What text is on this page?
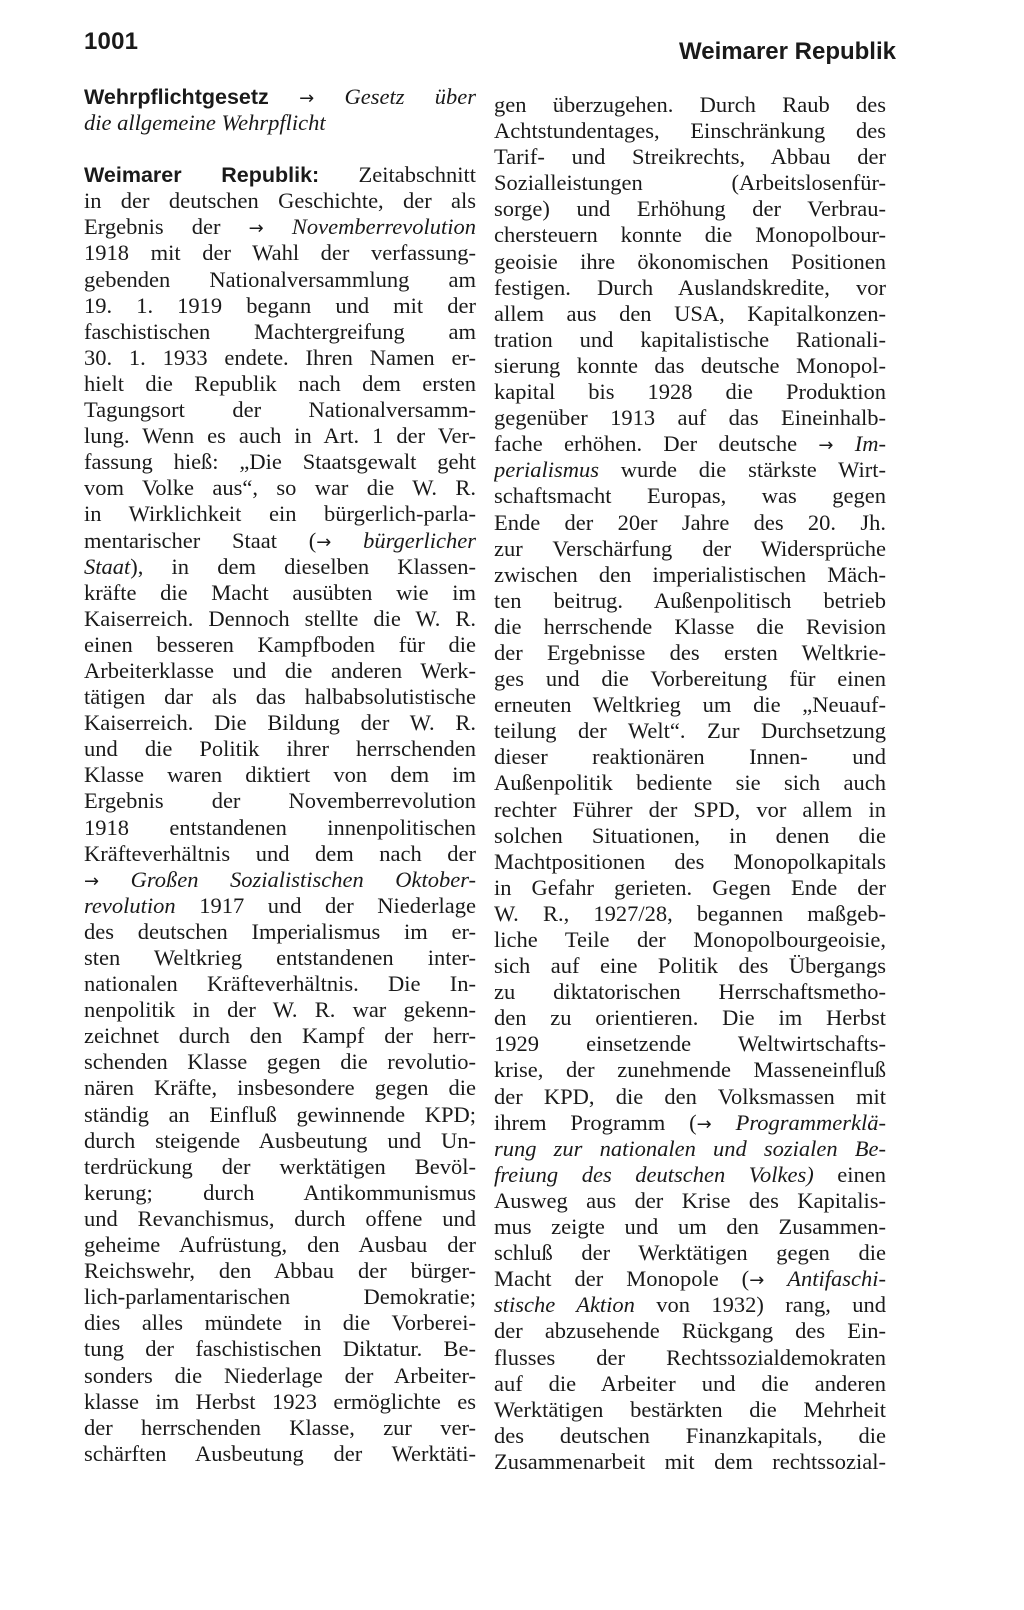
1001	Weimarer Republik
Wehrpflichtgesetz → Gesetz über
die allgemeine Wehrpflicht
Weimarer Republik: Zeitabschnitt
in der deutschen Geschichte, der als
Ergebnis der → Novemberrevolution
1918 mit der Wahl der verfassung-
gebenden Nationalversammlung am
19. 1. 1919 begann und mit der
faschistischen Machtergreifung am
30. 1. 1933 endete. Ihren Namen er-
hielt die Republik nach dem ersten
Tagungsort der Nationalversamm-
lung. Wenn es auch in Art. 1 der Ver-
fassung hieß: „Die Staatsgewalt geht
vom Volke aus“, so war die W. R.
in Wirklichkeit ein bürgerlich-parla-
mentarischer Staat (→ bürgerlicher
Staat), in dem dieselben Klassen-
kräfte die Macht ausübten wie im
Kaiserreich. Dennoch stellte die W. R.
einen besseren Kampfboden für die
Arbeiterklasse und die anderen Werk-
tätigen dar als das halbabsolutistische
Kaiserreich. Die Bildung der W. R.
und die Politik ihrer herrschenden
Klasse waren diktiert von dem im
Ergebnis der Novemberrevolution
1918 entstandenen innenpolitischen
Kräfteverhältnis und dem nach der
→ Großen Sozialistischen Oktober-
revolution 1917 und der Niederlage
des deutschen Imperialismus im er-
sten Weltkrieg entstandenen inter-
nationalen Kräfteverhältnis. Die In-
nenpolitik in der W. R. war gekenn-
zeichnet durch den Kampf der herr-
schenden Klasse gegen die revolutio-
nären Kräfte, insbesondere gegen die
ständig an Einfluß gewinnende KPD;
durch steigende Ausbeutung und Un-
terdrückung der werktätigen Bevöl-
kerung; durch Antikommunismus
und Revanchismus, durch offene und
geheime Aufrüstung, den Ausbau der
Reichswehr, den Abbau der bürger-
lich-parlamentarischen Demokratie;
dies alles mündete in die Vorberei-
tung der faschistischen Diktatur. Be-
sonders die Niederlage der Arbeiter-
klasse im Herbst 1923 ermöglichte es
der herrschenden Klasse, zur ver-
schärften Ausbeutung der Werktäti-
gen überzugehen. Durch Raub des
Achtstundentages, Einschränkung des
Tarif- und Streikrechts, Abbau der
Sozialleistungen (Arbeitslosenfür-
sorge) und Erhöhung der Verbrau-
chersteuern konnte die Monopolbour-
geoisie ihre ökonomischen Positionen
festigen. Durch Auslandskredite, vor
allem aus den USA, Kapitalkonzen-
tration und kapitalistische Rationali-
sierung konnte das deutsche Monopol-
kapital bis 1928 die Produktion
gegenüber 1913 auf das Eineinhalb-
fache erhöhen. Der deutsche → Im-
perialismus wurde die stärkste Wirt-
schaftsmacht Europas, was gegen
Ende der 20er Jahre des 20. Jh.
zur Verschärfung der Widersprüche
zwischen den imperialistischen Mäch-
ten beitrug. Außenpolitisch betrieb
die herrschende Klasse die Revision
der Ergebnisse des ersten Weltkrie-
ges und die Vorbereitung für einen
erneuten Weltkrieg um die „Neuauf-
teilung der Welt“. Zur Durchsetzung
dieser reaktionären Innen- und
Außenpolitik bediente sie sich auch
rechter Führer der SPD, vor allem in
solchen Situationen, in denen die
Machtpositionen des Monopolkapitals
in Gefahr gerieten. Gegen Ende der
W. R., 1927/28, begannen maßgeb-
liche Teile der Monopolbourgeoisie,
sich auf eine Politik des Übergangs
zu diktatorischen Herrschaftsmetho-
den zu orientieren. Die im Herbst
1929 einsetzende Weltwirtschafts-
krise, der zunehmende Masseneinfluß
der KPD, die den Volksmassen mit
ihrem Programm (→ Programmerklä-
rung zur nationalen und sozialen Be-
freiung des deutschen Volkes) einen
Ausweg aus der Krise des Kapitalis-
mus zeigte und um den Zusammen-
schluß der Werktätigen gegen die
Macht der Monopole (→ Antifaschi-
stische Aktion von 1932) rang, und
der abzusehende Rückgang des Ein-
flusses der Rechtssozialdemokraten
auf die Arbeiter und die anderen
Werktätigen bestärkten die Mehrheit
des deutschen Finanzkapitals, die
Zusammenarbeit mit dem rechtssozial-
